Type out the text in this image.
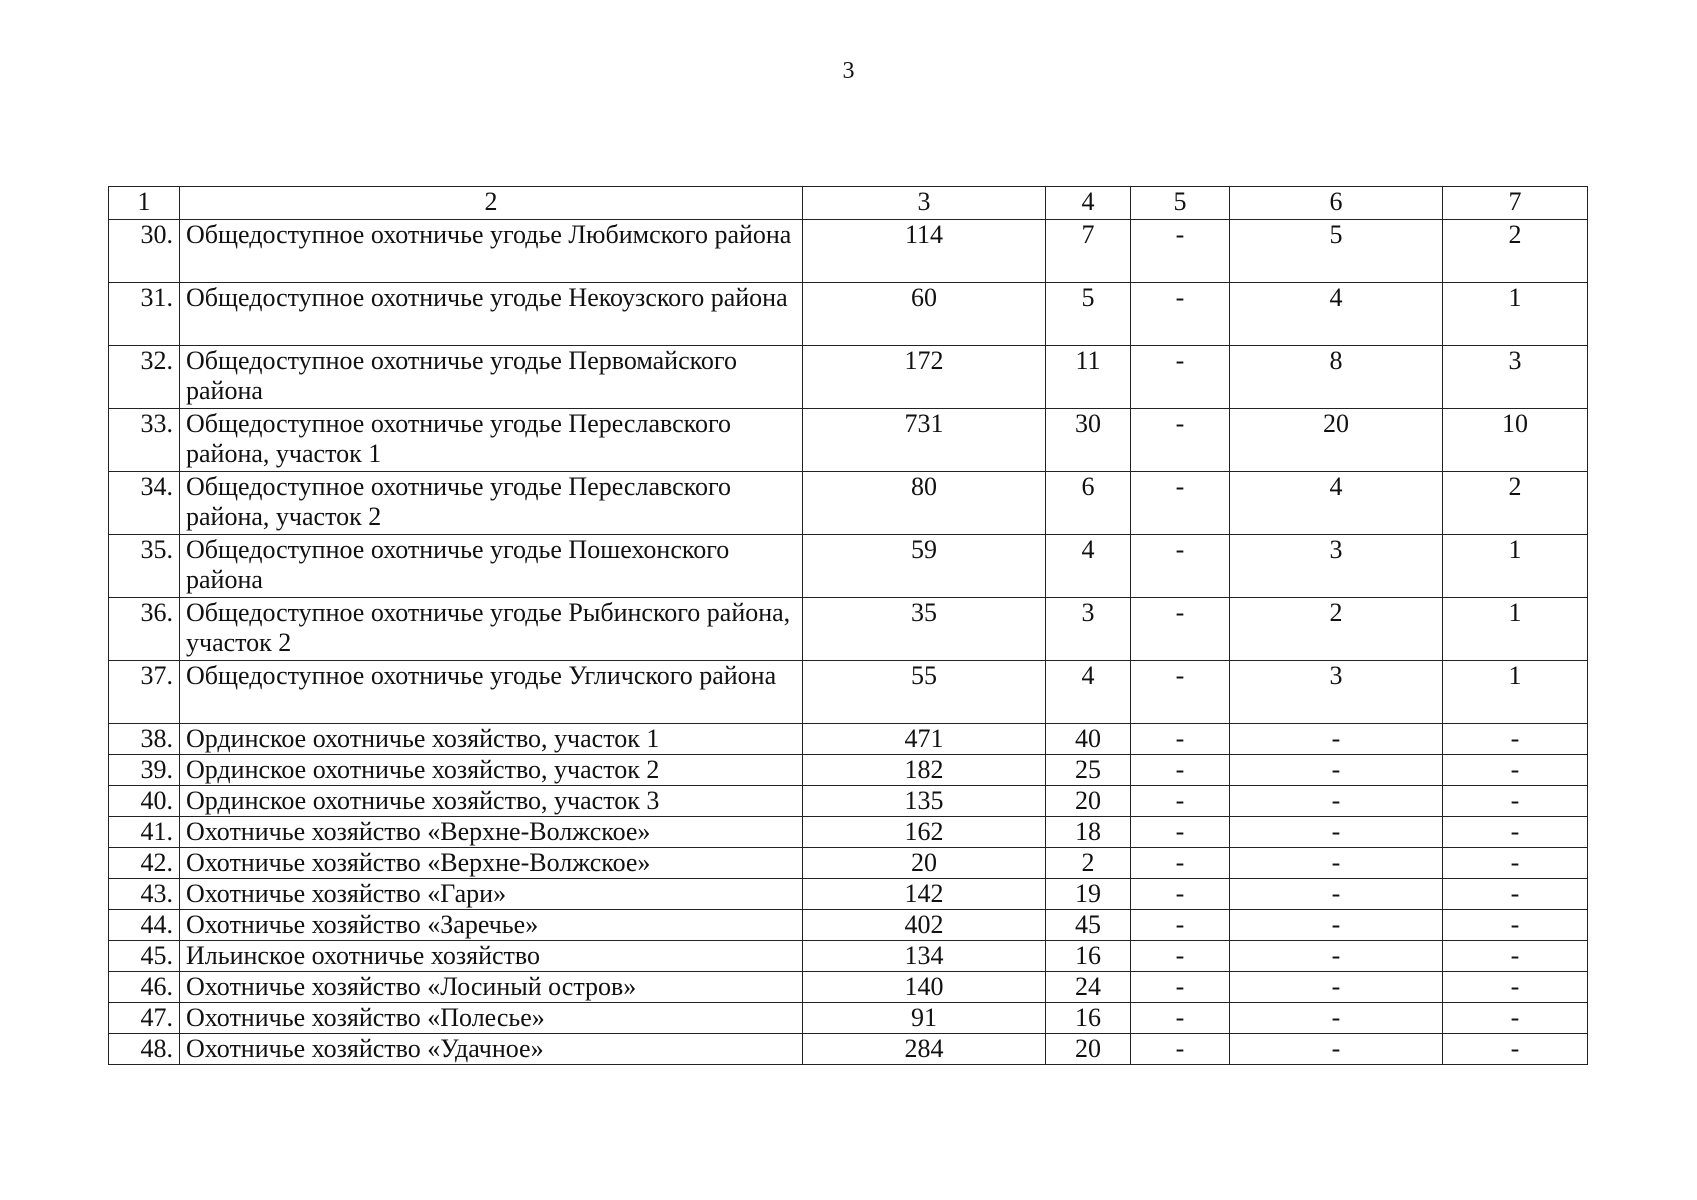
3
1	2	3	4	5	6	7
30.	Общедоступное охотничье угодье Любимского района	114	7	-	5	2
31.	Общедоступное охотничье угодье Некоузского района	60	5	-	4	1
32.	Общедоступное охотничье угодье Первомайского района	172	11	-	8	3
33.	Общедоступное охотничье угодье Переславского района, участок 1	731	30	-	20	10
34.	Общедоступное охотничье угодье Переславского района, участок 2	80	6	-	4	2
35.	Общедоступное охотничье угодье Пошехонского района	59	4	-	3	1
36.	Общедоступное охотничье угодье Рыбинского района, участок 2	35	3	-	2	1
37.	Общедоступное охотничье угодье Угличского района	55	4	-	3	1
38.	Ординское охотничье хозяйство, участок 1	471	40	-	-	-
39.	Ординское охотничье хозяйство, участок 2	182	25	-	-	-
40.	Ординское охотничье хозяйство, участок 3	135	20	-	-	-
41.	Охотничье хозяйство «Верхне-Волжское»	162	18	-	-	-
42.	Охотничье хозяйство «Верхне-Волжское»	20	2	-	-	-
43.	Охотничье хозяйство «Гари»	142	19	-	-	-
44.	Охотничье хозяйство «Заречье»	402	45	-	-	-
45.	Ильинское охотничье хозяйство	134	16	-	-	-
46.	Охотничье хозяйство «Лосиный остров»	140	24	-	-	-
47.	Охотничье хозяйство «Полесье»	91	16	-	-	-
48.	Охотничье хозяйство «Удачное»	284	20	-	-	-
